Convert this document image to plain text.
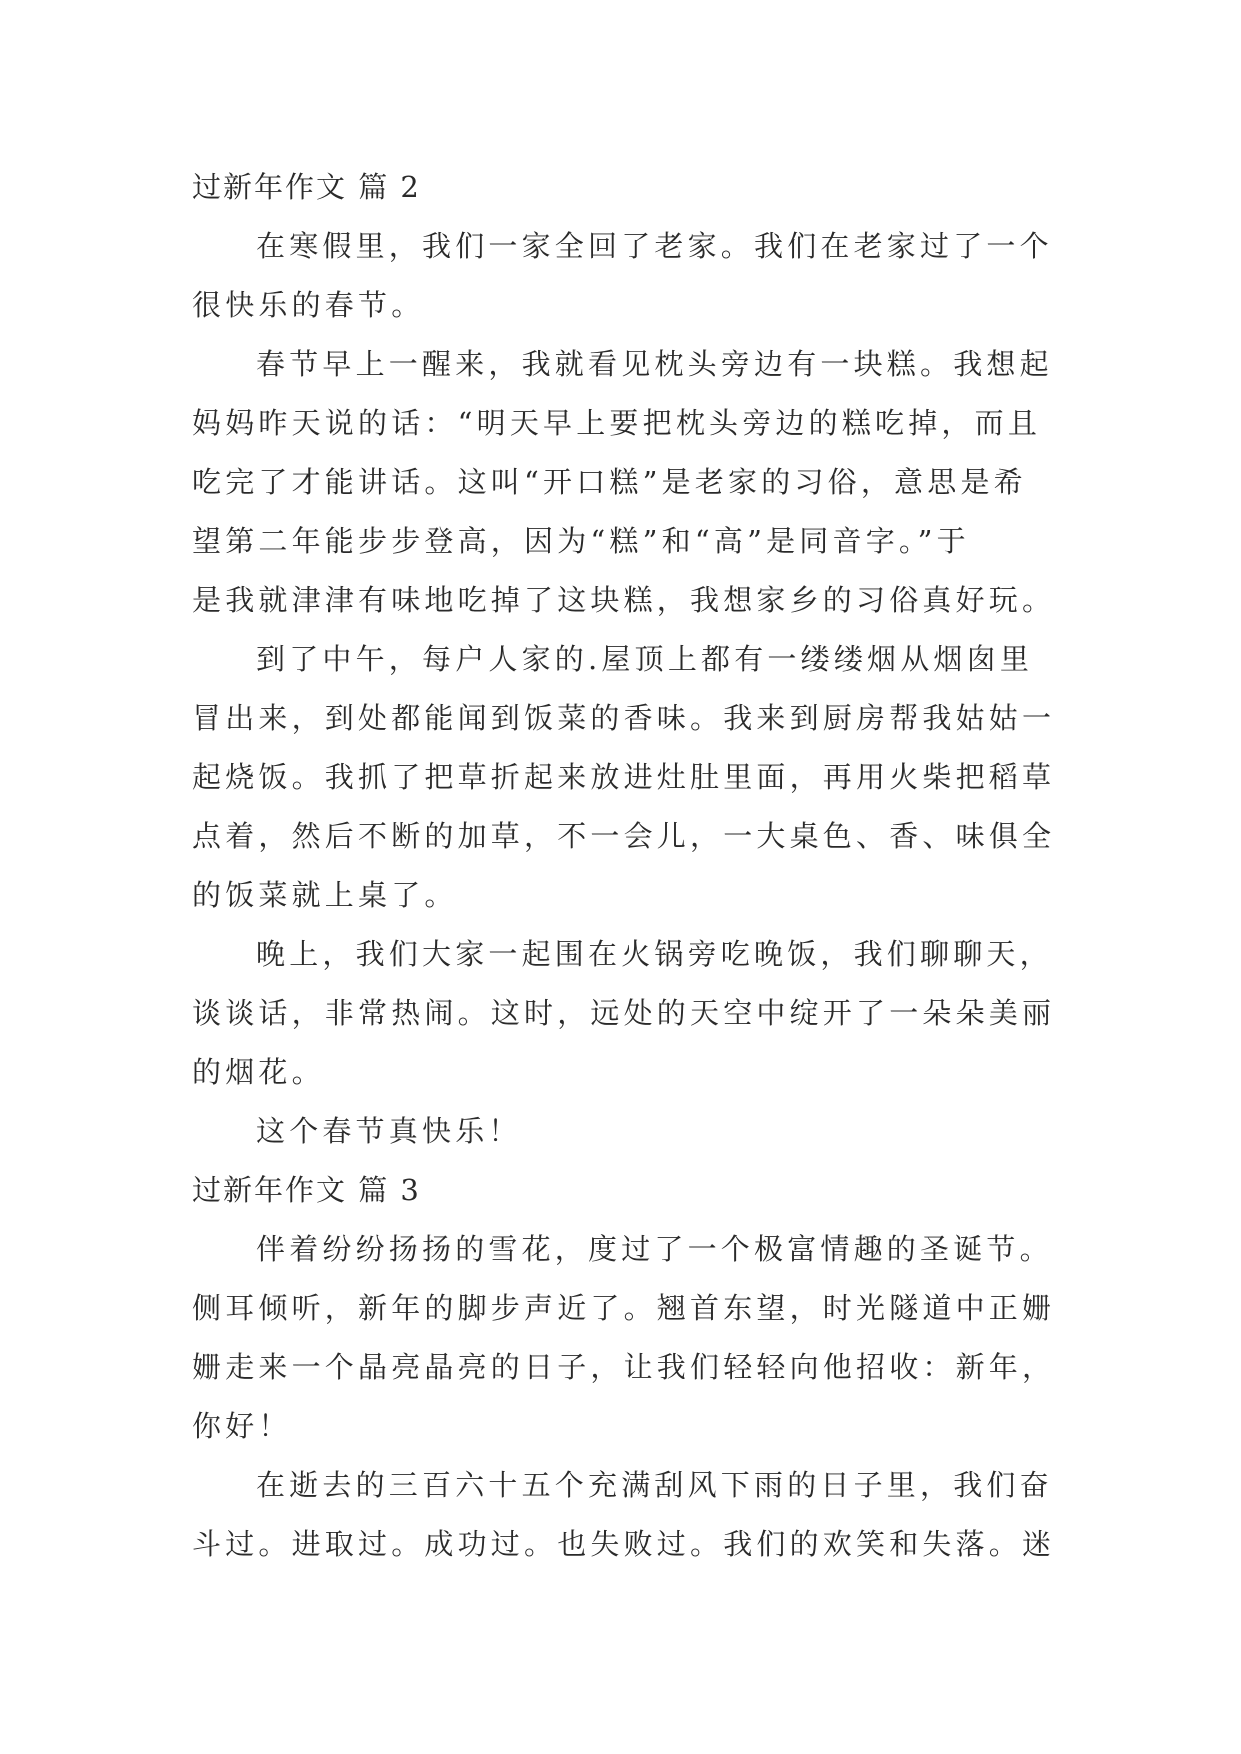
过新年作文 篇 2

在寒假里，我们一家全回了老家。我们在老家过了一个
很快乐的春节。

春节早上一醒来，我就看见枕头旁边有一块糕。我想起
妈妈昨天说的话：“明天早上要把枕头旁边的糕吃掉，而且
吃完了才能讲话。这叫“开口糕”是老家的习俗，意思是希
望第二年能步步登高，因为“糕”和“高”是同音字。”于
是我就津津有味地吃掉了这块糕，我想家乡的习俗真好玩。

到了中午，每户人家的.屋顶上都有一缕缕烟从烟囱里
冒出来，到处都能闻到饭菜的香味。我来到厨房帮我姑姑一
起烧饭。我抓了把草折起来放进灶肚里面，再用火柴把稻草
点着，然后不断的加草，不一会儿，一大桌色、香、味俱全
的饭菜就上桌了。

晚上，我们大家一起围在火锅旁吃晚饭，我们聊聊天，
谈谈话，非常热闹。这时，远处的天空中绽开了一朵朵美丽
的烟花。

这个春节真快乐！

过新年作文 篇 3

伴着纷纷扬扬的雪花，度过了一个极富情趣的圣诞节。
侧耳倾听，新年的脚步声近了。翘首东望，时光隧道中正姗
姗走来一个晶亮晶亮的日子，让我们轻轻向他招收：新年，
你好！

在逝去的三百六十五个充满刮风下雨的日子里，我们奋
斗过。进取过。成功过。也失败过。我们的欢笑和失落。迷
